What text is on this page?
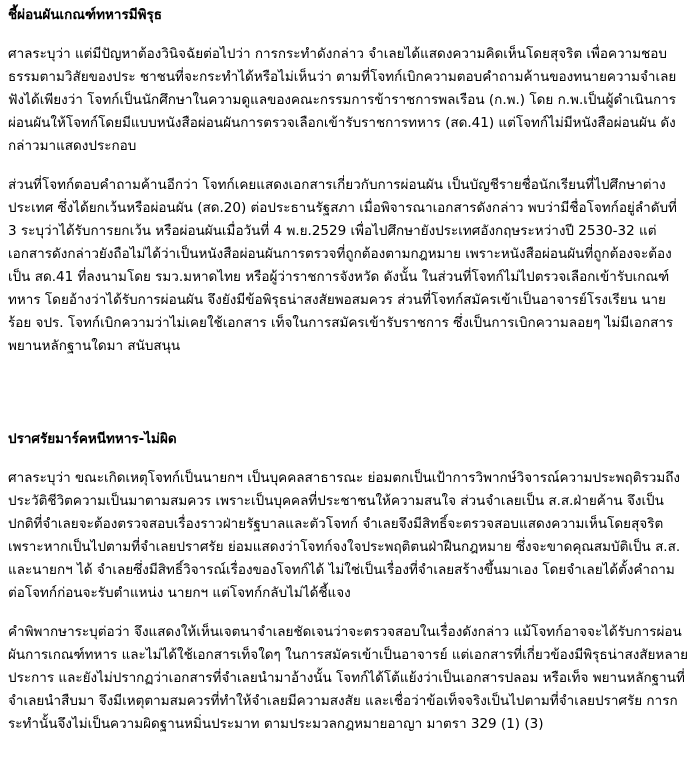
ชี้ผ่อนผันเกณฑ์ทหารมีพิรุธ
ศาลระบุว่า แต่มีปัญหาต้องวินิจฉัยต่อไปว่า การกระทำดังกล่าว จำเลยได้แสดงความคิดเห็นโดยสุจริต เพื่อความชอบธรรมตามวิสัยของประ ชาชนที่จะกระทำได้หรือไม่เห็นว่า ตามที่โจทก์เบิกความตอบคำถามค้านของทนายความจำเลย ฟังได้เพียงว่า โจทก์เป็นนักศึกษาในความดูแลของคณะกรรมการข้าราชการพลเรือน (ก.พ.) โดย ก.พ.เป็นผู้ดำเนินการผ่อนผันให้โจทก์โดยมีแบบหนังสือผ่อนผันการตรวจเลือกเข้ารับราชการทหาร (สด.41) แต่โจทก์ไม่มีหนังสือผ่อนผัน ดังกล่าวมาแสดงประกอบ
ส่วนที่โจทก์ตอบคำถามค้านอีกว่า โจทก์เคยแสดงเอกสารเกี่ยวกับการผ่อนผัน เป็นบัญชีรายชื่อนักเรียนที่ไปศึกษาต่างประเทศ ซึ่งได้ยกเว้นหรือผ่อนผัน (สด.20) ต่อประธานรัฐสภา เมื่อพิจารณาเอกสารดังกล่าว พบว่ามีชื่อโจทก์อยู่ลำดับที่ 3 ระบุว่าได้รับการยกเว้น หรือผ่อนผันเมื่อวันที่ 4 พ.ย.2529 เพื่อไปศึกษายังประเทศอังกฤษระหว่างปี 2530-32 แต่เอกสารดังกล่าวยังถือไม่ได้ว่าเป็นหนังสือผ่อนผันการตรวจที่ถูกต้องตามกฎหมาย เพราะหนังสือผ่อนผันที่ถูกต้องจะต้องเป็น สด.41 ที่ลงนามโดย รมว.มหาดไทย หรือผู้ว่าราชการจังหวัด ดังนั้น ในส่วนที่โจทก์ไม่ไปตรวจเลือกเข้ารับเกณฑ์ทหาร โดยอ้างว่าได้รับการผ่อนผัน จึงยังมีข้อพิรุธน่าสงสัยพอสมควร ส่วนที่โจทก์สมัครเข้าเป็นอาจารย์โรงเรียน นายร้อย จปร. โจทก์เบิกความว่าไม่เคยใช้เอกสาร เท็จในการสมัครเข้ารับราชการ ซึ่งเป็นการเบิกความลอยๆ ไม่มีเอกสารพยานหลักฐานใดมา สนับสนุน
ปราศรัยมาร์คหนีทหาร-ไม่ผิด
ศาลระบุว่า ขณะเกิดเหตุโจทก์เป็นนายกฯ เป็นบุคคลสาธารณะ ย่อมตกเป็นเป้าการวิพากษ์วิจารณ์ความประพฤติรวมถึงประวัติชีวิตความเป็นมาตามสมควร เพราะเป็นบุคคลที่ประชาชนให้ความสนใจ ส่วนจำเลยเป็น ส.ส.ฝ่ายค้าน จึงเป็นปกติที่จำเลยจะต้องตรวจสอบเรื่องราวฝ่ายรัฐบาลและตัวโจทก์ จำเลยจึงมีสิทธิ์จะตรวจสอบแสดงความเห็นโดยสุจริต เพราะหากเป็นไปตามที่จำเลยปราศรัย ย่อมแสดงว่าโจทก์จงใจประพฤติตนฝ่าฝืนกฎหมาย ซึ่งจะขาดคุณสมบัติเป็น ส.ส. และนายกฯ ได้ จำเลยซึ่งมีสิทธิ์วิจารณ์เรื่องของโจทก์ได้ ไม่ใช่เป็นเรื่องที่จำเลยสร้างขึ้นมาเอง โดยจำเลยได้ตั้งคำถามต่อโจทก์ก่อนจะรับตำแหน่ง นายกฯ แต่โจทก์กลับไม่ได้ชี้แจง
คำพิพากษาระบุต่อว่า จึงแสดงให้เห็นเจตนาจำเลยชัดเจนว่าจะตรวจสอบในเรื่องดังกล่าว แม้โจทก์อาจจะได้รับการผ่อนผันการเกณฑ์ทหาร และไม่ได้ใช้เอกสารเท็จใดๆ ในการสมัครเข้าเป็นอาจารย์ แต่เอกสารที่เกี่ยวข้องมีพิรุธน่าสงสัยหลายประการ และยังไม่ปรากฏว่าเอกสารที่จำเลยนำมาอ้างนั้น โจทก์ได้โต้แย้งว่าเป็นเอกสารปลอม หรือเท็จ พยานหลักฐานที่จำเลยนำสืบมา จึงมีเหตุตามสมควรที่ทำให้จำเลยมีความสงสัย และเชื่อว่าข้อเท็จจริงเป็นไปตามที่จำเลยปราศรัย การกระทำนั้นจึงไม่เป็นความผิดฐานหมิ่นประมาท ตามประมวลกฎหมายอาญา มาตรา 329 (1) (3)
